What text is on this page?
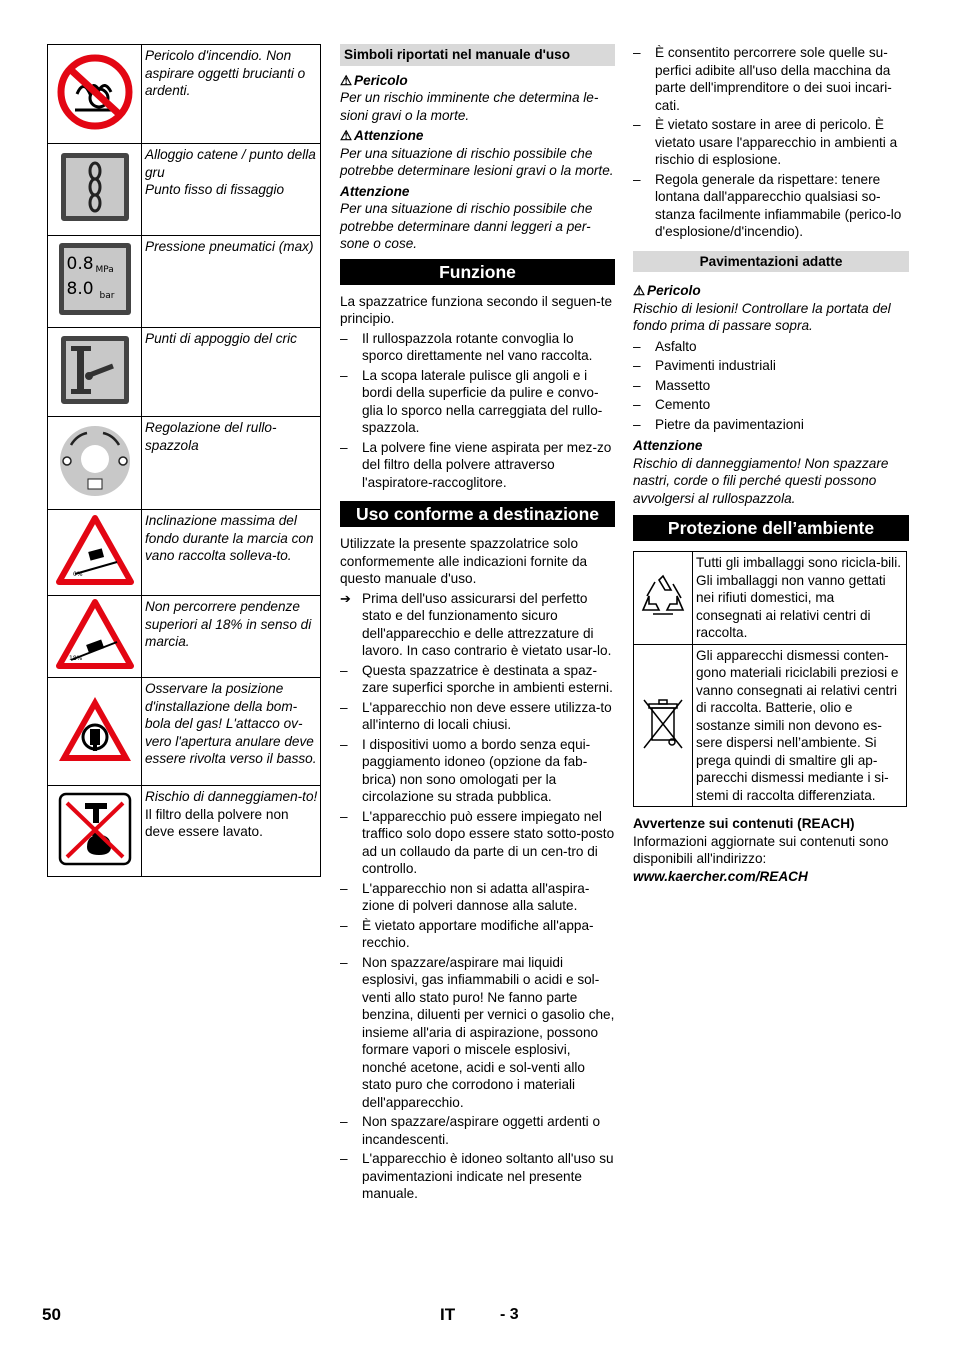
	Pericolo d'incendio. Non aspirare oggetti brucianti o ardenti.
	Alloggio catene / punto della gru
Punto fisso di fissaggio

0.8 MPa
8.0 bar	Pressione pneumatici (max)
	Punti di appoggio del cric
	Regolazione del rullo-spazzola

0%	Inclinazione massima del fondo durante la marcia con vano raccolta solleva-to.

18%	Non percorrere pendenze superiori al 18% in senso di marcia.
	Osservare la posizione d'installazione della bom-bola del gas! L'attacco ov-vero l'apertura anulare deve essere rivolta verso il basso.

Rischio di danneggiamen-to!
Il filtro della polvere non deve essere lavato.
Simboli riportati nel manuale d'uso
⚠ Pericolo
Per un rischio imminente che determina le-sioni gravi o la morte.
⚠ Attenzione
Per una situazione di rischio possibile che potrebbe determinare lesioni gravi o la morte.
Attenzione
Per una situazione di rischio possibile che potrebbe determinare danni leggeri a per-sone o cose.
Funzione

La spazzatrice funziona secondo il seguen-te principio.

– Il rullospazzola rotante convoglia lo sporco direttamente nel vano raccolta.
– La scopa laterale pulisce gli angoli e i bordi della superficie da pulire e convo-glia lo sporco nella carreggiata del rullo-spazzola.
– La polvere fine viene aspirata per mez-zo del filtro della polvere attraverso l'aspiratore-raccoglitore.
Uso conforme a destinazione

Utilizzate la presente spazzolatrice solo conformemente alle indicazioni fornite da questo manuale d'uso.

➔ Prima dell'uso assicurarsi del perfetto stato e del funzionamento sicuro dell'apparecchio e delle attrezzature di lavoro. In caso contrario è vietato usar-lo.
– Questa spazzatrice è destinata a spaz-zare superfici sporche in ambienti esterni.
– L'apparecchio non deve essere utilizza-to all'interno di locali chiusi.
– I dispositivi uomo a bordo senza equi-paggiamento idoneo (opzione da fab-brica) non sono omologati per la circolazione su strada pubblica.
– L'apparecchio può essere impiegato nel traffico solo dopo essere stato sotto-posto ad un collaudo da parte di un cen-tro di controllo.
– L'apparecchio non si adatta all'aspira-zione di polveri dannose alla salute.
– È vietato apportare modifiche all'appa-recchio.
– Non spazzare/aspirare mai liquidi esplosivi, gas infiammabili o acidi e sol-venti allo stato puro! Ne fanno parte benzina, diluenti per vernici o gasolio che, insieme all'aria di aspirazione, possono formare vapori o miscele esplosivi, nonché acetone, acidi e sol-venti allo stato puro che corrodono i materiali dell'apparecchio.
– Non spazzare/aspirare oggetti ardenti o incandescenti.
– L'apparecchio è idoneo soltanto all'uso su pavimentazioni indicate nel presente manuale.
– È consentito percorrere sole quelle su-perfici adibite all'uso della macchina da parte dell'imprenditore o dei suoi incari-cati.
– È vietato sostare in aree di pericolo. È vietato usare l'apparecchio in ambienti a rischio di esplosione.
– Regola generale da rispettare: tenere lontana dall'apparecchio qualsiasi so-stanza facilmente infiammabile (perico-lo d'esplosione/d'incendio).
Pavimentazioni adatte
⚠ Pericolo
Rischio di lesioni! Controllare la portata del fondo prima di passare sopra.
– Asfalto
– Pavimenti industriali
– Massetto
– Cemento
– Pietre da pavimentazioni
Attenzione
Rischio di danneggiamento! Non spazzare nastri, corde o fili perché questi possono avvolgersi al rullospazzola.
Protezione dell’ambiente
	Tutti gli imballaggi sono ricicla-bili. Gli imballaggi non vanno gettati nei rifiuti domestici, ma consegnati ai relativi centri di raccolta.
	Gli apparecchi dismessi conten-gono materiali riciclabili preziosi e vanno consegnati ai relativi centri di raccolta. Batterie, olio e sostanze simili non devono es-sere dispersi nell’ambiente. Si prega quindi di smaltire gli ap-parecchi dismessi mediante i si-stemi di raccolta differenziata.
Avvertenze sui contenuti (REACH)
Informazioni aggiornate sui contenuti sono disponibili all'indirizzo:
www.kaercher.com/REACH
50	IT	- 3
